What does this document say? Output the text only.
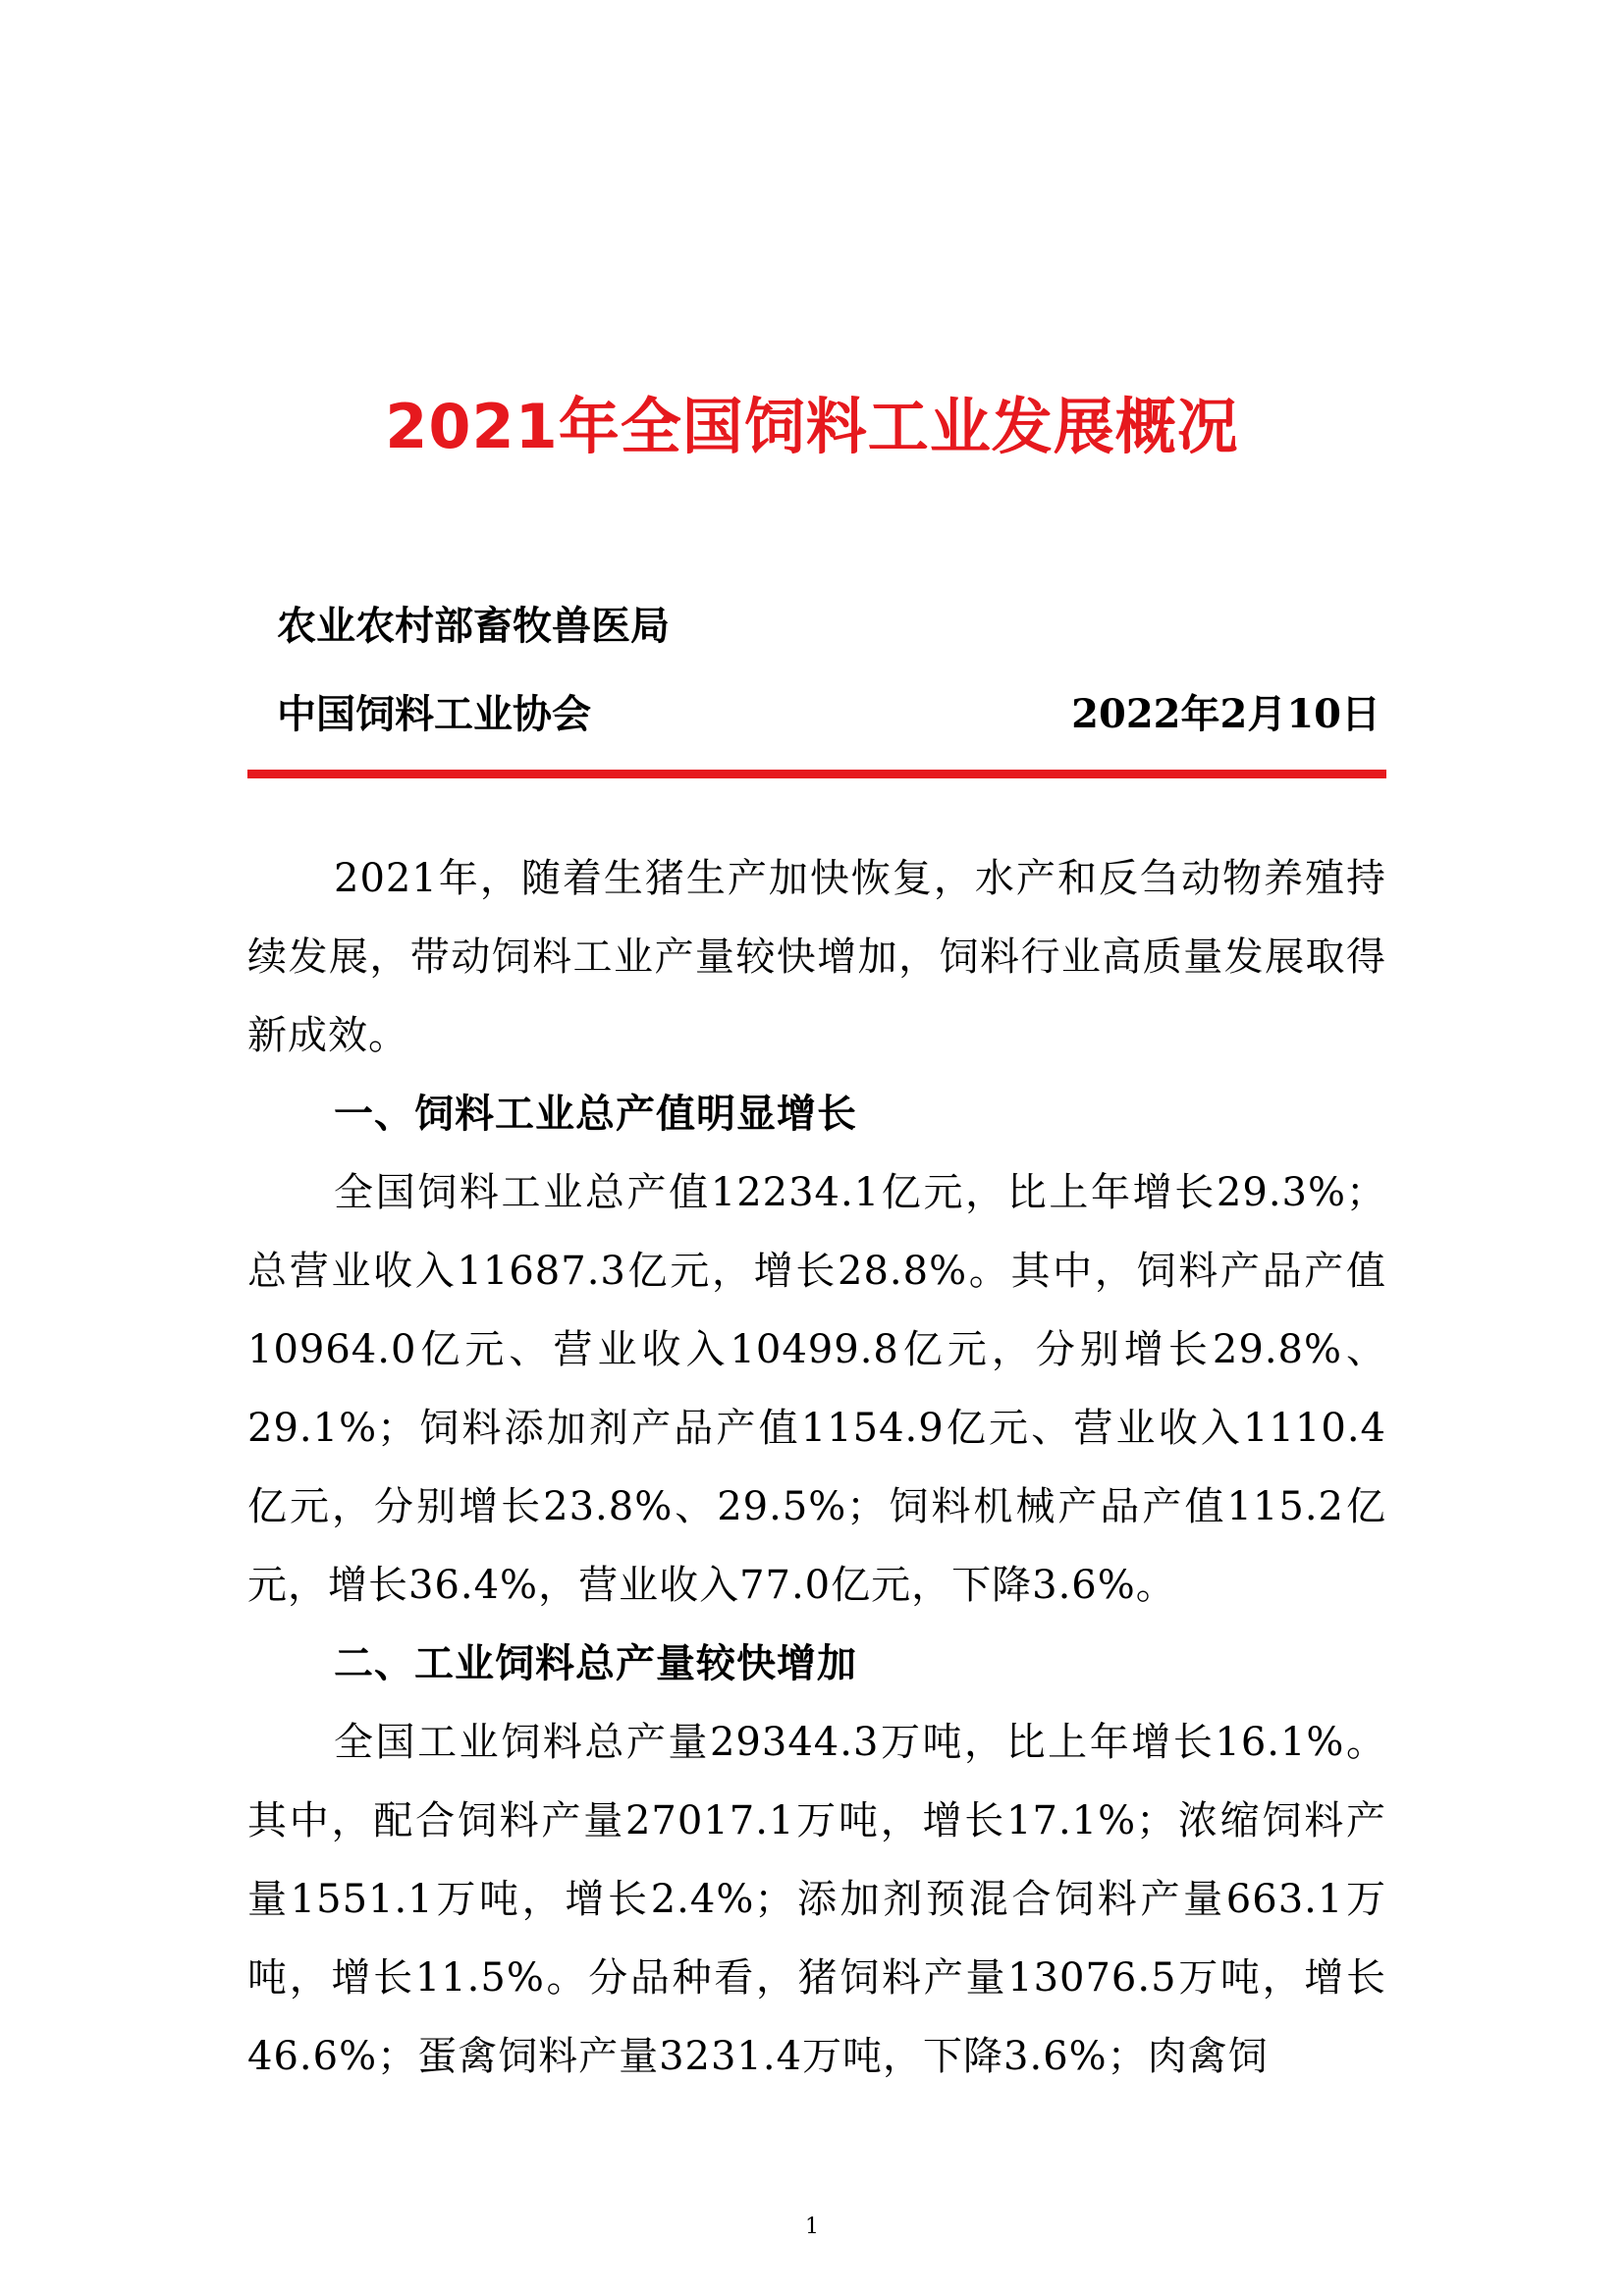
2021年全国饲料工业发展概况
农业农村部畜牧兽医局
中国饲料工业协会	2022年2月10日

2021年，随着生猪生产加快恢复，水产和反刍动物养殖持续发展，带动饲料工业产量较快增加，饲料行业高质量发展取得新成效。

一、饲料工业总产值明显增长

全国饲料工业总产值12234.1亿元，比上年增长29.3%；总营业收入11687.3亿元，增长28.8%。其中，饲料产品产值10964.0亿元、营业收入10499.8亿元，分别增长29.8%、29.1%；饲料添加剂产品产值1154.9亿元、营业收入1110.4亿元，分别增长23.8%、29.5%；饲料机械产品产值115.2亿元，增长36.4%，营业收入77.0亿元，下降3.6%。

二、工业饲料总产量较快增加

全国工业饲料总产量29344.3万吨，比上年增长16.1%。其中，配合饲料产量27017.1万吨，增长17.1%；浓缩饲料产量1551.1万吨，增长2.4%；添加剂预混合饲料产量663.1万吨，增长11.5%。分品种看，猪饲料产量13076.5万吨，增长46.6%；蛋禽饲料产量3231.4万吨，下降3.6%；肉禽饲

1
